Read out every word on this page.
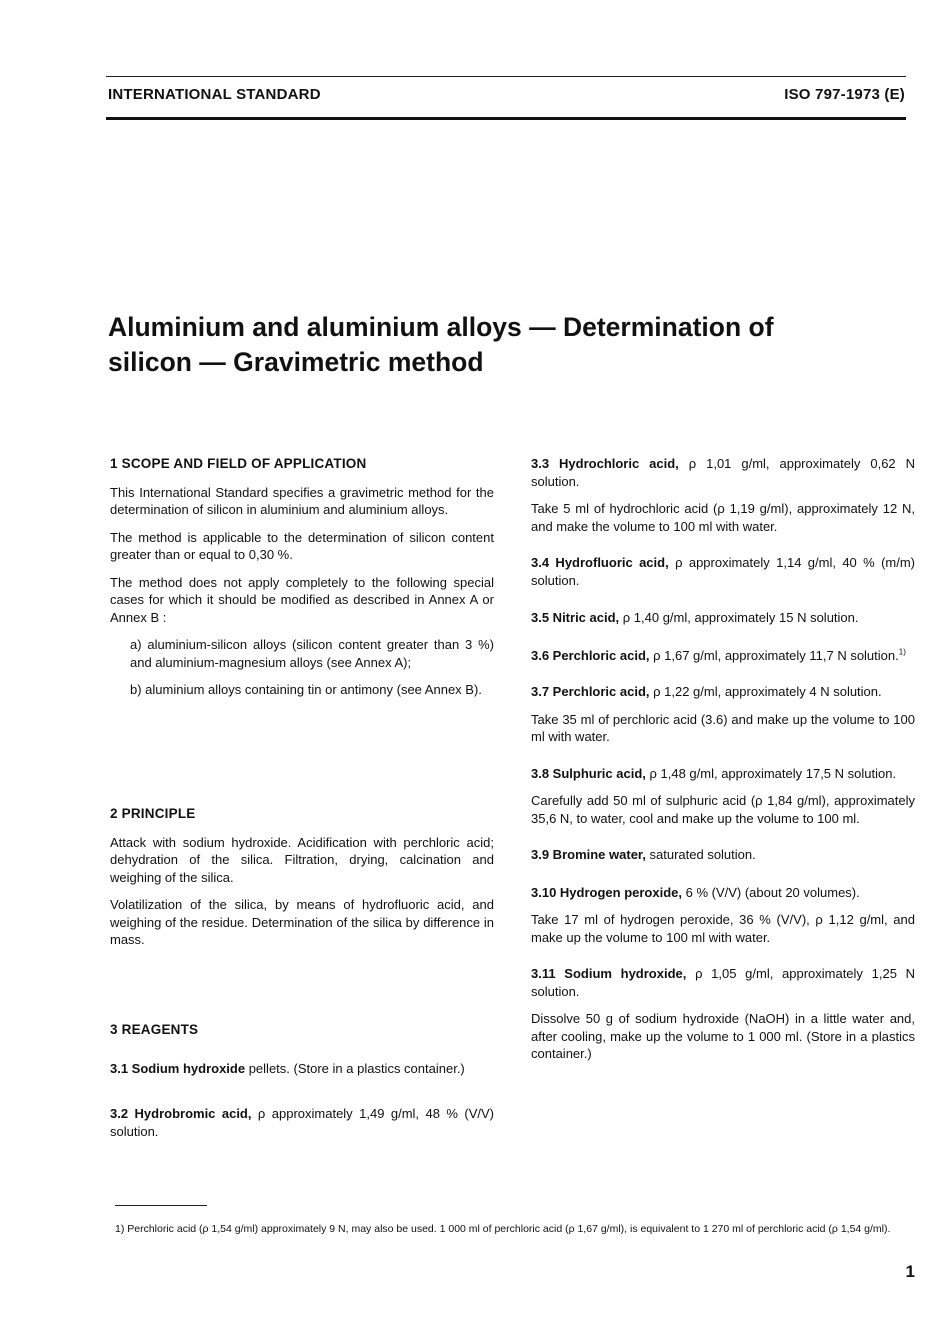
INTERNATIONAL STANDARD	ISO 797-1973 (E)
Aluminium and aluminium alloys — Determination of
silicon — Gravimetric method

1 SCOPE AND FIELD OF APPLICATION

This International Standard specifies a gravimetric method for the determination of silicon in aluminium and aluminium alloys.

The method is applicable to the determination of silicon content greater than or equal to 0,30 %.

The method does not apply completely to the following special cases for which it should be modified as described in Annex A or Annex B :

a) aluminium-silicon alloys (silicon content greater than 3 %) and aluminium-magnesium alloys (see Annex A);

b) aluminium alloys containing tin or antimony (see Annex B).

2 PRINCIPLE

Attack with sodium hydroxide. Acidification with perchloric acid; dehydration of the silica. Filtration, drying, calcination and weighing of the silica.

Volatilization of the silica, by means of hydrofluoric acid, and weighing of the residue. Determination of the silica by difference in mass.

3 REAGENTS

3.1 Sodium hydroxide pellets. (Store in a plastics container.)

3.2 Hydrobromic acid, ρ approximately 1,49 g/ml, 48 % (V/V) solution.

3.3 Hydrochloric acid, ρ 1,01 g/ml, approximately 0,62 N solution.

Take 5 ml of hydrochloric acid (ρ 1,19 g/ml), approximately 12 N, and make the volume to 100 ml with water.

3.4 Hydrofluoric acid, ρ approximately 1,14 g/ml, 40 % (m/m) solution.

3.5 Nitric acid, ρ 1,40 g/ml, approximately 15 N solution.

3.6 Perchloric acid, ρ 1,67 g/ml, approximately 11,7 N solution.$^{1)}$

3.7 Perchloric acid, ρ 1,22 g/ml, approximately 4 N solution.

Take 35 ml of perchloric acid (3.6) and make up the volume to 100 ml with water.

3.8 Sulphuric acid, ρ 1,48 g/ml, approximately 17,5 N solution.

Carefully add 50 ml of sulphuric acid (ρ 1,84 g/ml), approximately 35,6 N, to water, cool and make up the volume to 100 ml.

3.9 Bromine water, saturated solution.

3.10 Hydrogen peroxide, 6 % (V/V) (about 20 volumes).

Take 17 ml of hydrogen peroxide, 36 % (V/V), ρ 1,12 g/ml, and make up the volume to 100 ml with water.

3.11 Sodium hydroxide, ρ 1,05 g/ml, approximately 1,25 N solution.

Dissolve 50 g of sodium hydroxide (NaOH) in a little water and, after cooling, make up the volume to 1 000 ml. (Store in a plastics container.)

1) Perchloric acid (ρ 1,54 g/ml) approximately 9 N, may also be used. 1 000 ml of perchloric acid (ρ 1,67 g/ml), is equivalent to 1 270 ml of perchloric acid (ρ 1,54 g/ml).

1
